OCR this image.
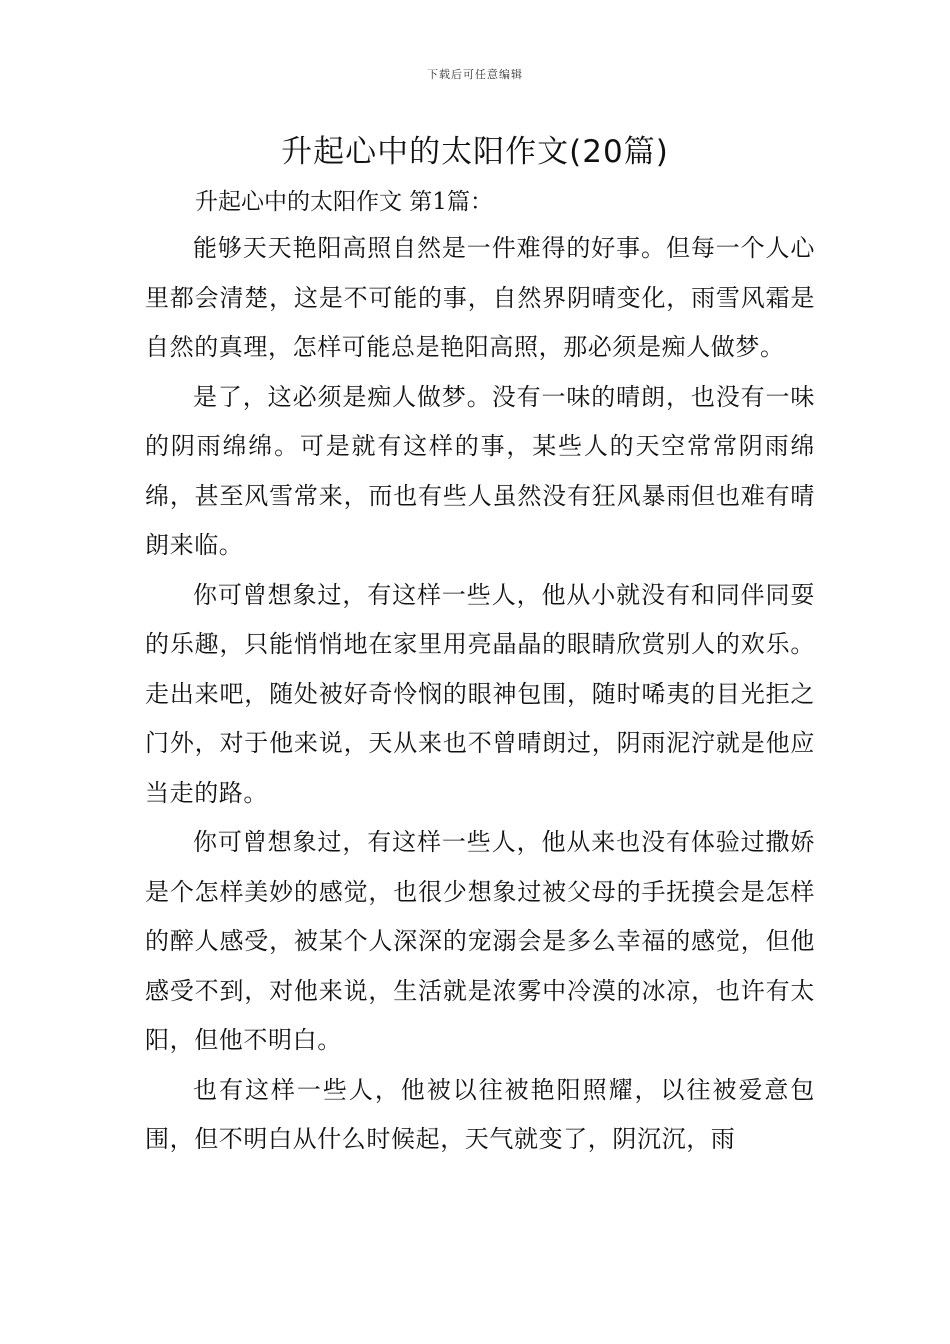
下载后可任意编辑
升起心中的太阳作文(20篇)
升起心中的太阳作文 第1篇：

能够天天艳阳高照自然是一件难得的好事。但每一个人心里都会清楚，这是不可能的事，自然界阴晴变化，雨雪风霜是自然的真理，怎样可能总是艳阳高照，那必须是痴人做梦。

是了，这必须是痴人做梦。没有一味的晴朗，也没有一味的阴雨绵绵。可是就有这样的事，某些人的天空常常阴雨绵绵，甚至风雪常来，而也有些人虽然没有狂风暴雨但也难有晴朗来临。

你可曾想象过，有这样一些人，他从小就没有和同伴同耍的乐趣，只能悄悄地在家里用亮晶晶的眼睛欣赏别人的欢乐。走出来吧，随处被好奇怜悯的眼神包围，随时唏夷的目光拒之门外，对于他来说，天从来也不曾晴朗过，阴雨泥泞就是他应当走的路。

你可曾想象过，有这样一些人，他从来也没有体验过撒娇是个怎样美妙的感觉，也很少想象过被父母的手抚摸会是怎样的醉人感受，被某个人深深的宠溺会是多么幸福的感觉，但他感受不到，对他来说，生活就是浓雾中冷漠的冰凉，也许有太阳，但他不明白。

也有这样一些人，他被以往被艳阳照耀，以往被爱意包围，但不明白从什么时候起，天气就变了，阴沉沉，雨
